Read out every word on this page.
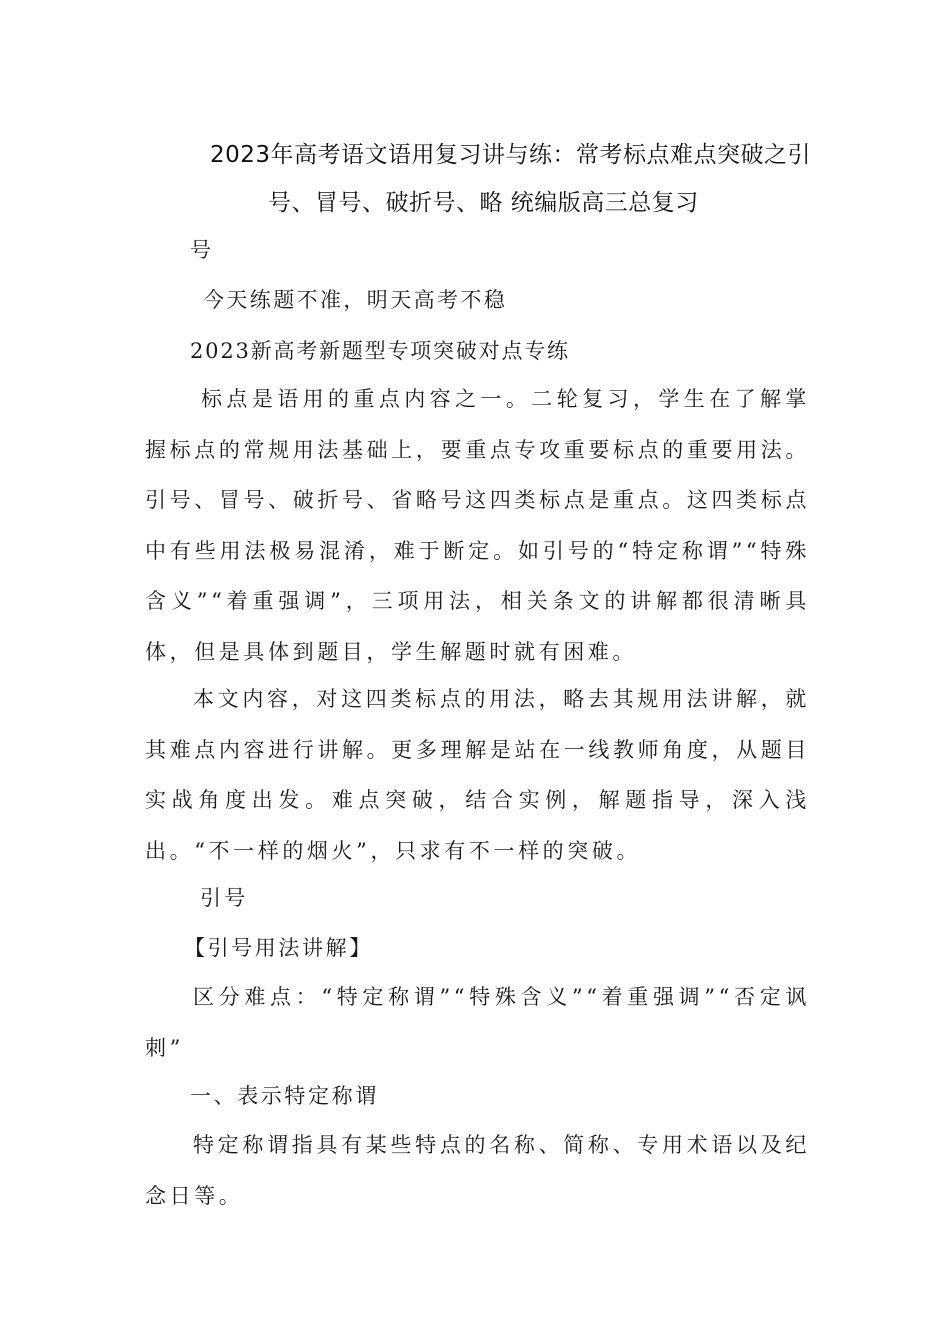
2023年高考语文语用复习讲与练：常考标点难点突破之引
号、冒号、破折号、略 统编版高三总复习
号
今天练题不准，明天高考不稳
2023新高考新题型专项突破对点专练
标点是语用的重点内容之一。二轮复习，学生在了解掌握标点的常规用法基础上，要重点专攻重要标点的重要用法。引号、冒号、破折号、省略号这四类标点是重点。这四类标点中有些用法极易混淆，难于断定。如引号的“特定称谓”“特殊含义”“着重强调”，三项用法，相关条文的讲解都很清晰具体，但是具体到题目，学生解题时就有困难。
本文内容，对这四类标点的用法，略去其规用法讲解，就其难点内容进行讲解。更多理解是站在一线教师角度，从题目实战角度出发。难点突破，结合实例，解题指导，深入浅出。“不一样的烟火”，只求有不一样的突破。
引号
【引号用法讲解】
区分难点：“特定称谓”“特殊含义”“着重强调”“否定讽刺”
一、表示特定称谓
特定称谓指具有某些特点的名称、简称、专用术语以及纪念日等。
